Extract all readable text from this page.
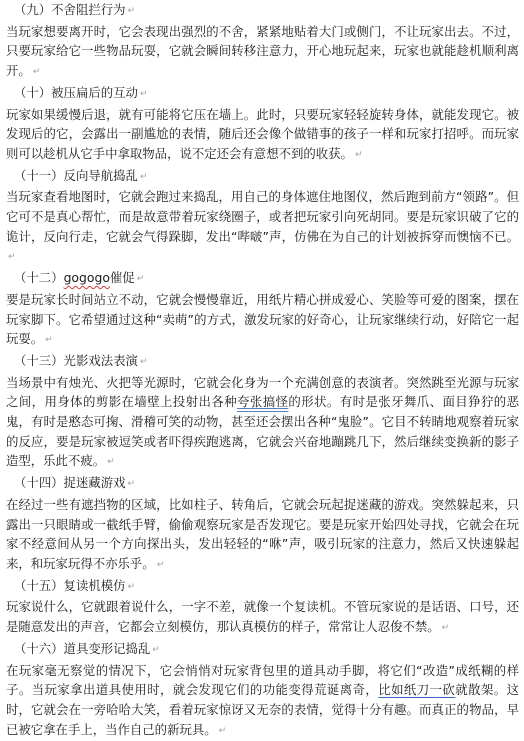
（九）不舍阻拦行为 ↵

当玩家想要离开时，它会表现出强烈的不舍，紧紧地贴着大门或侧门，不让玩家出去。不过，只要玩家给它一些物品玩耍，它就会瞬间转移注意力，开心地玩起来，玩家也就能趁机顺利离开。 ↵

（十）被压扁后的互动 ↵

玩家如果缓慢后退，就有可能将它压在墙上。此时，只要玩家轻轻旋转身体，就能发现它。被发现后的它，会露出一副尴尬的表情，随后还会像个做错事的孩子一样和玩家打招呼。而玩家则可以趁机从它手中拿取物品，说不定还会有意想不到的收获。 ↵

（十一）反向导航捣乱 ↵

当玩家查看地图时，它就会跑过来捣乱，用自己的身体遮住地图仪，然后跑到前方“领路”。但它可不是真心帮忙，而是故意带着玩家绕圈子，或者把玩家引向死胡同。要是玩家识破了它的诡计，反向行走，它就会气得跺脚，发出“哔啵”声，仿佛在为自己的计划被拆穿而懊恼不已。↵

（十二）gogogo催促 ↵

要是玩家长时间站立不动，它就会慢慢靠近，用纸片精心拼成爱心、笑脸等可爱的图案，摆在玩家脚下。它希望通过这种“卖萌”的方式，激发玩家的好奇心，让玩家继续行动，好陪它一起玩耍。 ↵

（十三）光影戏法表演 ↵

当场景中有烛光、火把等光源时，它就会化身为一个充满创意的表演者。突然跳至光源与玩家之间，用身体的剪影在墙壁上投射出各种夸张搞怪的形状。有时是张牙舞爪、面目狰狞的恶鬼，有时是憨态可掬、滑稽可笑的动物，甚至还会摆出各种“鬼脸”。它目不转睛地观察着玩家的反应，要是玩家被逗笑或者吓得疾跑逃离，它就会兴奋地蹦跳几下，然后继续变换新的影子造型，乐此不疲。 ↵

（十四）捉迷藏游戏 ↵

在经过一些有遮挡物的区域，比如柱子、转角后，它就会玩起捉迷藏的游戏。突然躲起来，只露出一只眼睛或一截纸手臂，偷偷观察玩家是否发现它。要是玩家开始四处寻找，它就会在玩家不经意间从另一个方向探出头，发出轻轻的“咻”声，吸引玩家的注意力，然后又快速躲起来，和玩家玩得不亦乐乎。 ↵

（十五）复读机模仿 ↵

玩家说什么，它就跟着说什么，一字不差，就像一个复读机。不管玩家说的是话语、口号，还是随意发出的声音，它都会立刻模仿，那认真模仿的样子，常常让人忍俊不禁。 ↵

（十六）道具变形记捣乱 ↵

在玩家毫无察觉的情况下，它会悄悄对玩家背包里的道具动手脚，将它们“改造”成纸糊的样子。当玩家拿出道具使用时，就会发现它们的功能变得荒诞离奇，比如纸刀一砍就散架。这时，它就会在一旁哈哈大笑，看着玩家惊讶又无奈的表情，觉得十分有趣。而真正的物品，早已被它拿在手上，当作自己的新玩具。 ↵
